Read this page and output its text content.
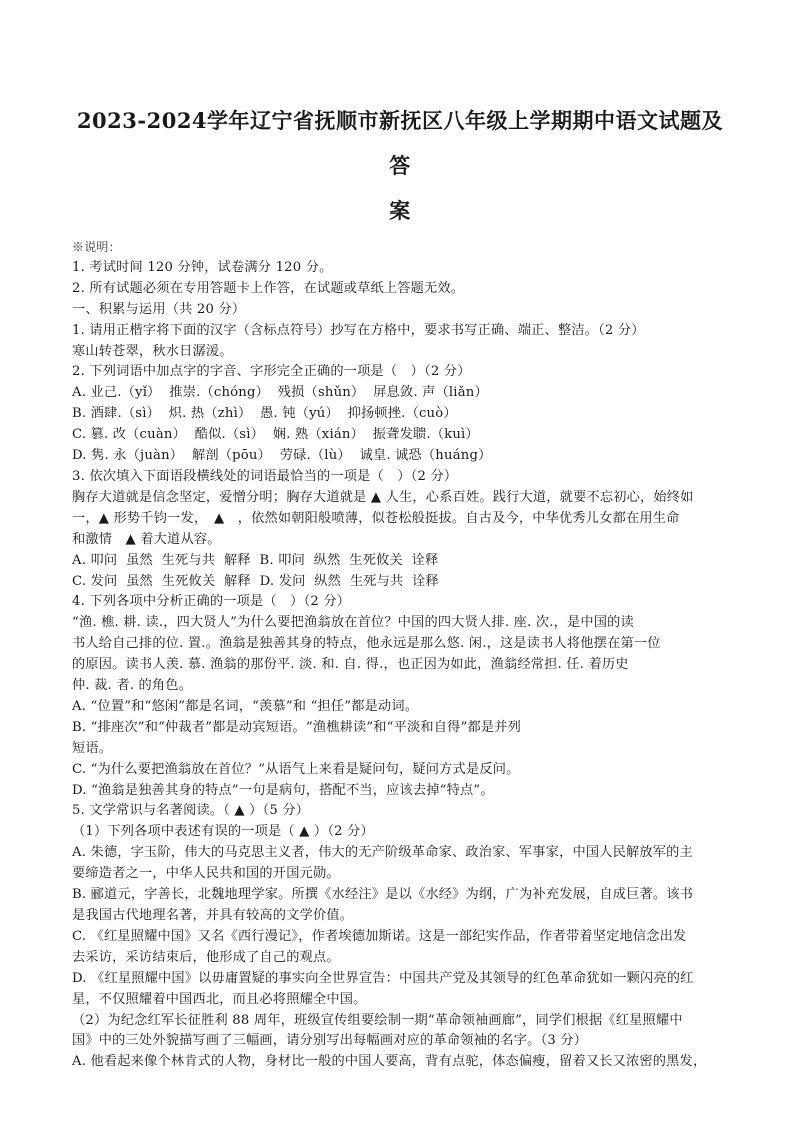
2023-2024学年辽宁省抚顺市新抚区八年级上学期期中语文试题及答
案

※说明：

1. 考试时间 120 分钟，试卷满分 120 分。

2. 所有试题必须在专用答题卡上作答，在试题或草纸上答题无效。

一、积累与运用（共 20 分）

1. 请用正楷字将下面的汉字（含标点符号）抄写在方格中，要求书写正确、端正、整洁。（2 分）

寒山转苍翠，秋水日潺湲。

2. 下列词语中加点字的字音、字形完全正确的一项是（　）（2 分）

A. 业己.（yǐ）  推崇.（chóng）  残损（shǔn）  屏息敛. 声（liǎn）

B. 酒肆.（sì）  炽. 热（zhì）  愚. 钝（yú）  抑扬顿挫.（cuò）

C. 篡. 改（cuàn）  酷似.（sì）  娴. 熟（xián）  振聋发聩.（kuì）

D. 隽. 永（juàn）  解剖（pōu）  劳碌.（lù）  诚皇. 诚恐（huáng）

3. 依次填入下面语段横线处的词语最恰当的一项是（　）（2 分）

胸存大道就是信念坚定，爱憎分明；胸存大道就是 ▲ 人生，心系百姓。践行大道，就要不忘初心，始终如

一，▲ 形势千钧一发，　▲　，依然如朝阳般喷薄，似苍松般挺拔。自古及今，中华优秀儿女都在用生命

和激情　▲ 着大道从容。

A. 叩问  虽然  生死与共  解释  B. 叩问  纵然  生死攸关  诠释

C. 发问  虽然  生死攸关  解释  D. 发问  纵然  生死与共  诠释

4. 下列各项中分析正确的一项是（　）（2 分）

“渔. 樵. 耕. 读.，四大贤人”为什么要把渔翁放在首位？中国的四大贤人排. 座. 次.，是中国的读

书人给自己排的位. 置.。渔翁是独善其身的特点，他永远是那么悠. 闲.，这是读书人将他摆在第一位

的原因。读书人羡. 慕. 渔翁的那份平. 淡. 和. 自. 得.，也正因为如此，渔翁经常担. 任. 着历史

仲. 裁. 者. 的角色。

A. “位置”和“悠闲”都是名词，“羡慕”和 “担任”都是动词。

B. “排座次”和“仲裁者”都是动宾短语。“渔樵耕读”和“平淡和自得”都是并列

短语。

C. “为什么要把渔翁放在首位？”从语气上来看是疑问句，疑问方式是反问。

D. “渔翁是独善其身的特点”一句是病句，搭配不当，应该去掉“特点”。

5. 文学常识与名著阅读。（ ▲ ）（5 分）

（1）下列各项中表述有误的一项是（ ▲ ）（2 分）

A. 朱德，字玉阶，伟大的马克思主义者，伟大的无产阶级革命家、政治家、军事家，中国人民解放军的主

要缔造者之一，中华人民共和国的开国元勋。

B. 郦道元，字善长，北魏地理学家。所撰《水经注》是以《水经》为纲，广为补充发展，自成巨著。该书

是我国古代地理名著，并具有较高的文学价值。

C. 《红星照耀中国》又名《西行漫记》，作者埃德加斯诺。这是一部纪实作品，作者带着坚定地信念出发

去采访，采访结束后，他形成了自己的观点。

D. 《红星照耀中国》以毋庸置疑的事实向全世界宣告：中国共产党及其领导的红色革命犹如一颗闪亮的红

星，不仅照耀着中国西北，而且必将照耀全中国。

（2）为纪念红军长征胜利 88 周年，班级宣传组要绘制一期“革命领袖画廊”，同学们根据《红星照耀中

国》中的三处外貌描写画了三幅画，请分别写出每幅画对应的革命领袖的名字。（3 分）

A. 他看起来像个林肯式的人物，身材比一般的中国人要高，背有点驼，体态偏瘦，留着又长又浓密的黑发，
